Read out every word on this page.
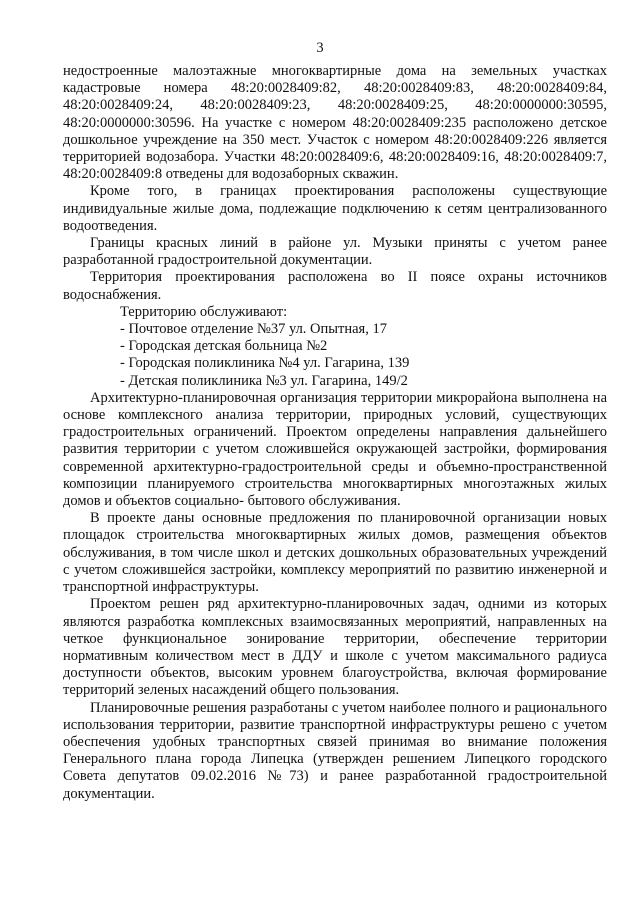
3

недостроенные малоэтажные многоквартирные дома на земельных участках кадастровые номера 48:20:0028409:82, 48:20:0028409:83, 48:20:0028409:84, 48:20:0028409:24, 48:20:0028409:23, 48:20:0028409:25, 48:20:0000000:30595, 48:20:0000000:30596. На участке с номером 48:20:0028409:235 расположено детское дошкольное учреждение на 350 мест. Участок с номером 48:20:0028409:226 является территорией водозабора. Участки 48:20:0028409:6, 48:20:0028409:16, 48:20:0028409:7, 48:20:0028409:8 отведены для водозаборных скважин.

Кроме того, в границах проектирования расположены существующие индивидуальные жилые дома, подлежащие подключению к сетям централизованного водоотведения.

Границы красных линий в районе ул. Музыки приняты с учетом ранее разработанной градостроительной документации.

Территория проектирования расположена во II поясе охраны источников водоснабжения.

Территорию обслуживают:

- Почтовое отделение №37 ул. Опытная, 17
- Городская детская больница №2
- Городская поликлиника №4 ул. Гагарина, 139
- Детская поликлиника №3 ул. Гагарина, 149/2

Архитектурно-планировочная организация территории микрорайона выполнена на основе комплексного анализа территории, природных условий, существующих градостроительных ограничений. Проектом определены направления дальнейшего развития территории с учетом сложившейся окружающей застройки, формирования современной архитектурно-градостроительной среды и объемно-пространственной композиции планируемого строительства многоквартирных многоэтажных жилых домов и объектов социально- бытового обслуживания.

В проекте даны основные предложения по планировочной организации новых площадок строительства многоквартирных жилых домов, размещения объектов обслуживания, в том числе школ и детских дошкольных образовательных учреждений с учетом сложившейся застройки, комплексу мероприятий по развитию инженерной и транспортной инфраструктуры.

Проектом решен ряд архитектурно-планировочных задач, одними из которых являются разработка комплексных взаимосвязанных мероприятий, направленных на четкое функциональное зонирование территории, обеспечение территории нормативным количеством мест в ДДУ и школе с учетом максимального радиуса доступности объектов, высоким уровнем благоустройства, включая формирование территорий зеленых насаждений общего пользования.

Планировочные решения разработаны с учетом наиболее полного и рационального использования территории, развитие транспортной инфраструктуры решено с учетом обеспечения удобных транспортных связей принимая во внимание положения Генерального плана города Липецка (утвержден решением Липецкого городского Совета депутатов 09.02.2016 №73) и ранее разработанной градостроительной документации.
